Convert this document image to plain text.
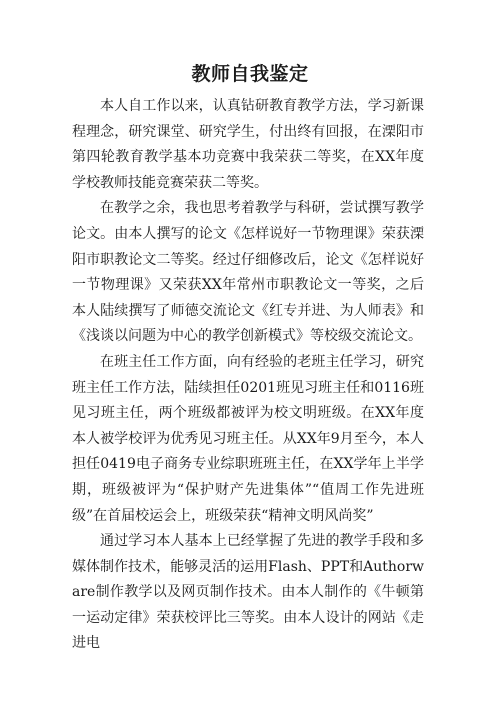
教师自我鉴定

本人自工作以来，认真钻研教育教学方法，学习新课程理念，研究课堂、研究学生，付出终有回报，在溧阳市第四轮教育教学基本功竞赛中我荣获二等奖，在XX年度学校教师技能竞赛荣获二等奖。

在教学之余，我也思考着教学与科研，尝试撰写教学论文。由本人撰写的论文《怎样说好一节物理课》荣获溧阳市职教论文二等奖。经过仔细修改后，论文《怎样说好一节物理课》又荣获XX年常州市职教论文一等奖，之后本人陆续撰写了师德交流论文《红专并进、为人师表》和《浅谈以问题为中心的教学创新模式》等校级交流论文。

在班主任工作方面，向有经验的老班主任学习，研究班主任工作方法，陆续担任0201班见习班主任和0116班见习班主任，两个班级都被评为校文明班级。在XX年度本人被学校评为优秀见习班主任。从XX年9月至今，本人担任0419电子商务专业综职班班主任，在XX学年上半学期，班级被评为“保护财产先进集体”“值周工作先进班级”在首届校运会上，班级荣获“精神文明风尚奖”

通过学习本人基本上已经掌握了先进的教学手段和多媒体制作技术，能够灵活的运用Flash、PPT和Authorware制作教学以及网页制作技术。由本人制作的《牛顿第一运动定律》荣获校评比三等奖。由本人设计的网站《走进电
